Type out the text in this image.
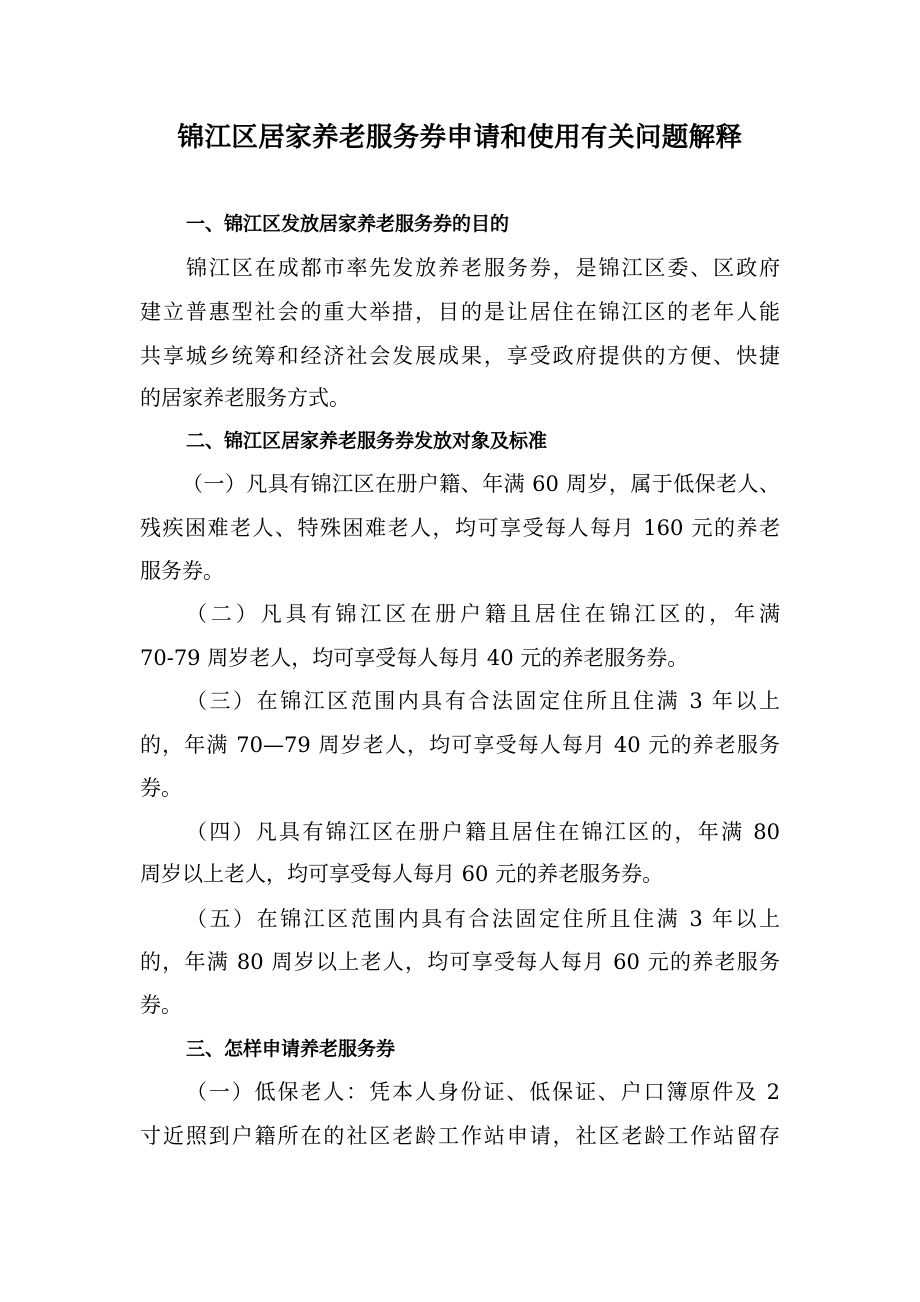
锦江区居家养老服务券申请和使用有关问题解释
一、锦江区发放居家养老服务券的目的
锦江区在成都市率先发放养老服务券，是锦江区委、区政府
建立普惠型社会的重大举措，目的是让居住在锦江区的老年人能
共享城乡统筹和经济社会发展成果，享受政府提供的方便、快捷
的居家养老服务方式。
二、锦江区居家养老服务券发放对象及标准
（一）凡具有锦江区在册户籍、年满 60 周岁，属于低保老人、
残疾困难老人、特殊困难老人，均可享受每人每月 160 元的养老
服务券。
（二）凡具有锦江区在册户籍且居住在锦江区的，年满
70-79 周岁老人，均可享受每人每月 40 元的养老服务券。
（三）在锦江区范围内具有合法固定住所且住满 3 年以上
的，年满 70—79 周岁老人，均可享受每人每月 40 元的养老服务
券。
（四）凡具有锦江区在册户籍且居住在锦江区的，年满 80
周岁以上老人，均可享受每人每月 60 元的养老服务券。
（五）在锦江区范围内具有合法固定住所且住满 3 年以上
的，年满 80 周岁以上老人，均可享受每人每月 60 元的养老服务
券。
三、怎样申请养老服务券
（一）低保老人：凭本人身份证、低保证、户口簿原件及 2
寸近照到户籍所在的社区老龄工作站申请，社区老龄工作站留存
